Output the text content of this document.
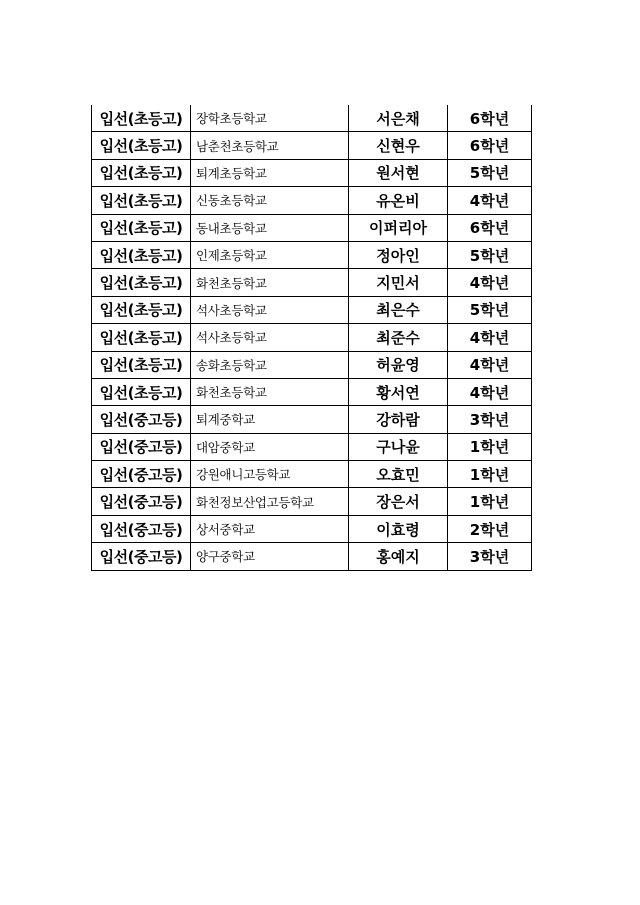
입선(초등고)	장학초등학교	서은채	6학년
입선(초등고)	남춘천초등학교	신현우	6학년
입선(초등고)	퇴계초등학교	원서현	5학년
입선(초등고)	신동초등학교	유온비	4학년
입선(초등고)	동내초등학교	이퍼리아	6학년
입선(초등고)	인제초등학교	정아인	5학년
입선(초등고)	화천초등학교	지민서	4학년
입선(초등고)	석사초등학교	최은수	5학년
입선(초등고)	석사초등학교	최준수	4학년
입선(초등고)	송화초등학교	허윤영	4학년
입선(초등고)	화천초등학교	황서연	4학년
입선(중고등)	퇴계중학교	강하람	3학년
입선(중고등)	대암중학교	구나윤	1학년
입선(중고등)	강원애니고등학교	오효민	1학년
입선(중고등)	화천정보산업고등학교	장은서	1학년
입선(중고등)	상서중학교	이효령	2학년
입선(중고등)	양구중학교	홍예지	3학년
